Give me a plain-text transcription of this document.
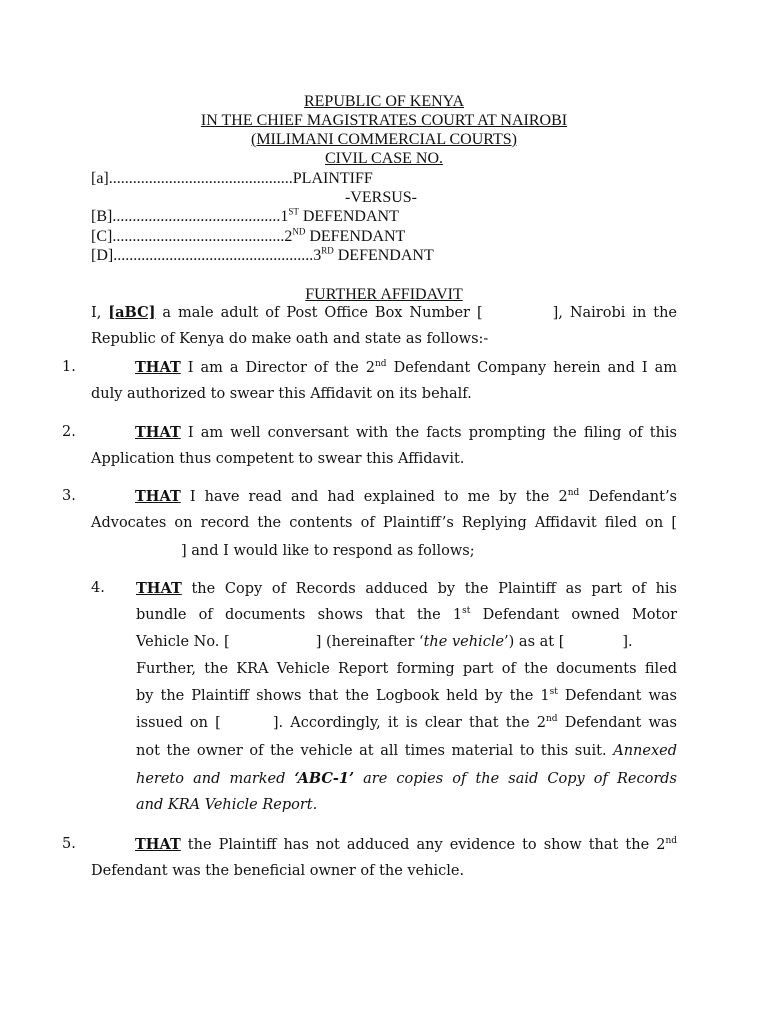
REPUBLIC OF KENYA
IN THE CHIEF MAGISTRATES COURT AT NAIROBI
(MILIMANI COMMERCIAL COURTS)
CIVIL CASE NO.
[a]..............................................PLAINTIFF
-VERSUS-
[B]..........................................1ST DEFENDANT
[C]...........................................2ND DEFENDANT
[D]..................................................3RD DEFENDANT
FURTHER AFFIDAVIT
I, [aBC] a male adult of Post Office Box Number [	], Nairobi in the
Republic of Kenya do make oath and state as follows:-
1.	THAT I am a Director of the 2nd Defendant Company herein and I am
duly authorized to swear this Affidavit on its behalf.
2.	THAT I am well conversant with the facts prompting the filing of this
Application thus competent to swear this Affidavit.
3.	THAT I have read and had explained to me by the 2nd Defendant’s
Advocates on record the contents of Plaintiff’s Replying Affidavit filed on [
] and I would like to respond as follows;
4. THAT the Copy of Records adduced by the Plaintiff as part of his
bundle of documents shows that the 1st Defendant owned Motor
Vehicle No. [	] (hereinafter ‘the vehicle’) as at [	].
Further, the KRA Vehicle Report forming part of the documents filed
by the Plaintiff shows that the Logbook held by the 1st Defendant was
issued on [	]. Accordingly, it is clear that the 2nd Defendant was
not the owner of the vehicle at all times material to this suit. Annexed
hereto and marked ‘ABC-1’ are copies of the said Copy of Records
and KRA Vehicle Report.
5.	THAT the Plaintiff has not adduced any evidence to show that the 2nd
Defendant was the beneficial owner of the vehicle.
